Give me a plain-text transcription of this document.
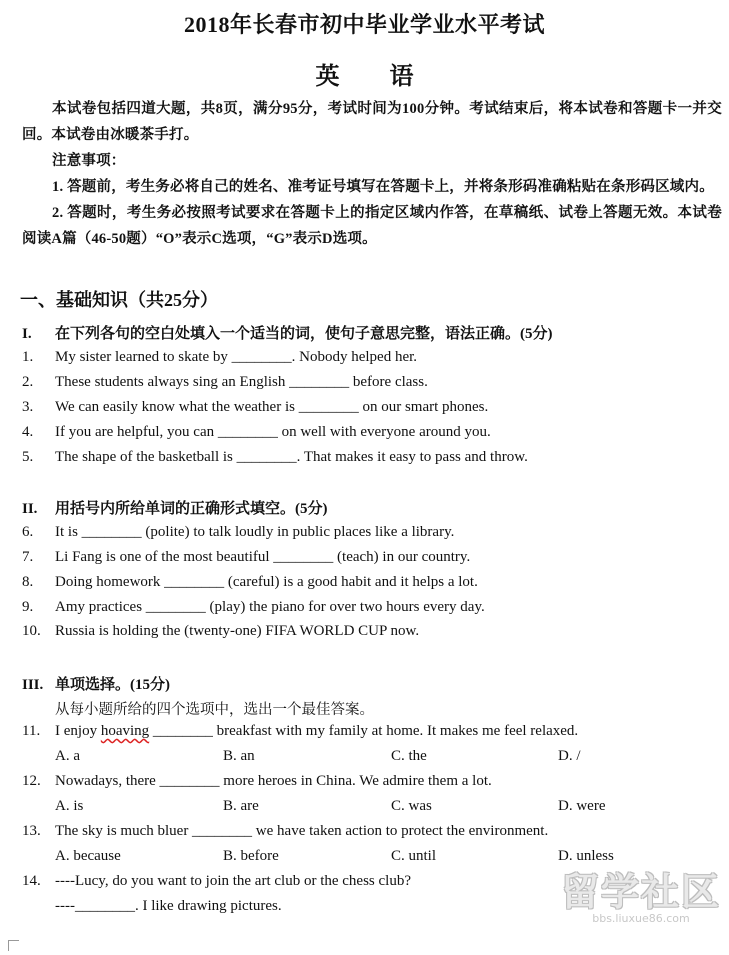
2018年长春市初中毕业学业水平考试
英 语

本试卷包括四道大题，共8页，满分95分，考试时间为100分钟。考试结束后，将本试卷和答题卡一并交回。本试卷由冰暖茶手打。

注意事项：

1. 答题前，考生务必将自己的姓名、准考证号填写在答题卡上，并将条形码准确粘贴在条形码区域内。

2. 答题时，考生务必按照考试要求在答题卡上的指定区域内作答，在草稿纸、试卷上答题无效。本试卷阅读A篇（46-50题）“O”表示C选项，“G”表示D选项。

一、基础知识（共25分）
I. 在下列各句的空白处填入一个适当的词，使句子意思完整，语法正确。(5分)
1. My sister learned to skate by ________. Nobody helped her.
2. These students always sing an English ________ before class.
3. We can easily know what the weather is ________ on our smart phones.
4. If you are helpful, you can ________ on well with everyone around you.
5. The shape of the basketball is ________. That makes it easy to pass and throw.
II. 用括号内所给单词的正确形式填空。(5分)
6. It is ________ (polite) to talk loudly in public places like a library.
7. Li Fang is one of the most beautiful ________ (teach) in our country.
8. Doing homework ________ (careful) is a good habit and it helps a lot.
9. Amy practices ________ (play) the piano for over two hours every day.
10. Russia is holding the (twenty-one) FIFA WORLD CUP now.
III. 单项选择。(15分)
从每小题所给的四个选项中，选出一个最佳答案。
11. I enjoy hoaving ________ breakfast with my family at home. It makes me feel relaxed.
A. a	B. an	C. the	D. /
12. Nowadays, there ________ more heroes in China. We admire them a lot.
A. is	B. are	C. was	D. were
13. The sky is much bluer ________ we have taken action to protect the environment.
A. because	B. before	C. until	D. unless
14. ----Lucy, do you want to join the art club or the chess club?
----________. I like drawing pictures.	留学社区
bbs.liuxue86.com
